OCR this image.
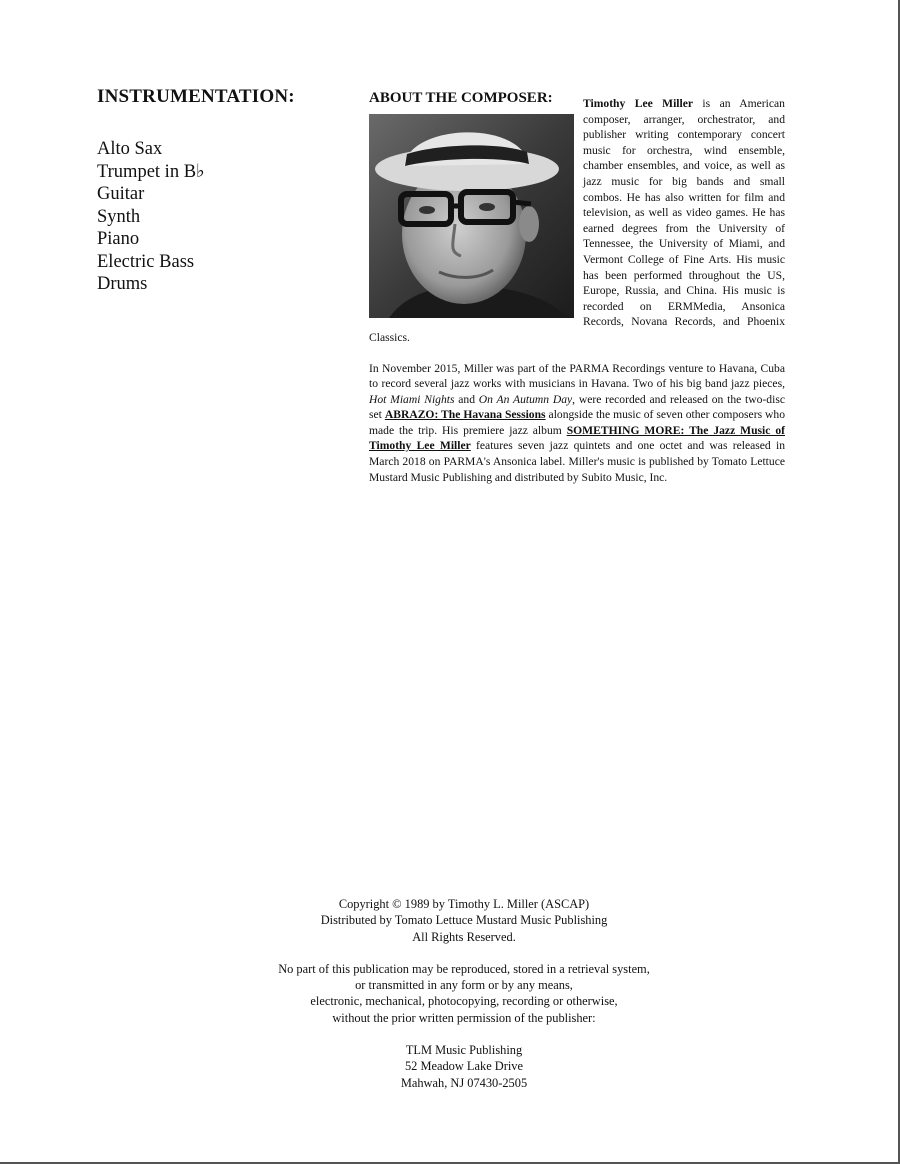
INSTRUMENTATION:
Alto Sax
Trumpet in B♭
Guitar
Synth
Piano
Electric Bass
Drums
ABOUT THE COMPOSER:	Timothy Lee Miller is an American composer, arranger, orchestrator, and publisher writing contemporary concert music for orchestra, wind ensemble, chamber ensembles, and voice, as well as jazz music for big bands and small combos. He has also written for film and television, as well as video games. He has earned degrees from the University of Tennessee, the University of Miami, and Vermont College of Fine Arts. His music has been performed throughout the US, Europe, Russia, and China. His music is recorded on ERMMedia, Ansonica Records, Novana Records, and Phoenix Classics.

In November 2015, Miller was part of the PARMA Recordings venture to Havana, Cuba to record several jazz works with musicians in Havana. Two of his big band jazz pieces, Hot Miami Nights and On An Autumn Day, were recorded and released on the two-disc set ABRAZO: The Havana Sessions alongside the music of seven other composers who made the trip. His premiere jazz album SOMETHING MORE: The Jazz Music of Timothy Lee Miller features seven jazz quintets and one octet and was released in March 2018 on PARMA's Ansonica label. Miller's music is published by Tomato Lettuce Mustard Music Publishing and distributed by Subito Music, Inc.

Copyright © 1989 by Timothy L. Miller (ASCAP)
Distributed by Tomato Lettuce Mustard Music Publishing
All Rights Reserved.
No part of this publication may be reproduced, stored in a retrieval system,
or transmitted in any form or by any means,
electronic, mechanical, photocopying, recording or otherwise,
without the prior written permission of the publisher:
TLM Music Publishing
52 Meadow Lake Drive
Mahwah, NJ 07430-2505
